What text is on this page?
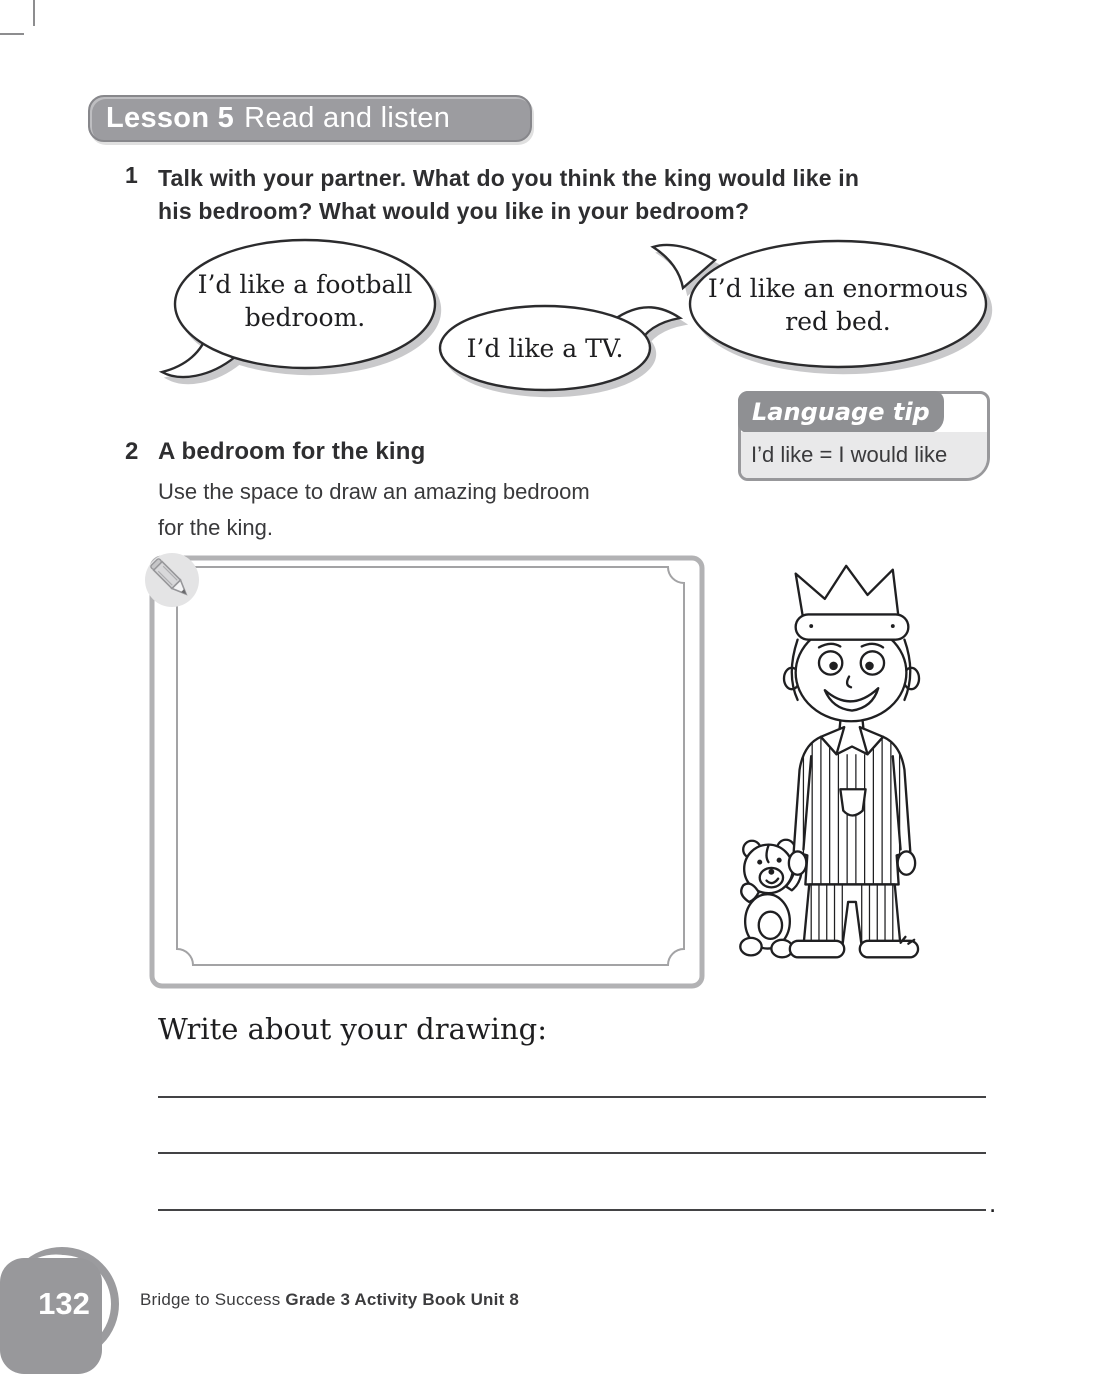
Lesson 5 Read and listen
1 Talk with your partner. What do you think the king would like in
his bedroom? What would you like in your bedroom?
I’d like a football
bedroom.
I’d like a TV.
I’d like an enormous
red bed.
Language tip
I’d like = I would like
2 A bedroom for the king
Use the space to draw an amazing bedroom
for the king.
Write about your drawing:
.
132	Bridge to Success Grade 3 Activity Book Unit 8
